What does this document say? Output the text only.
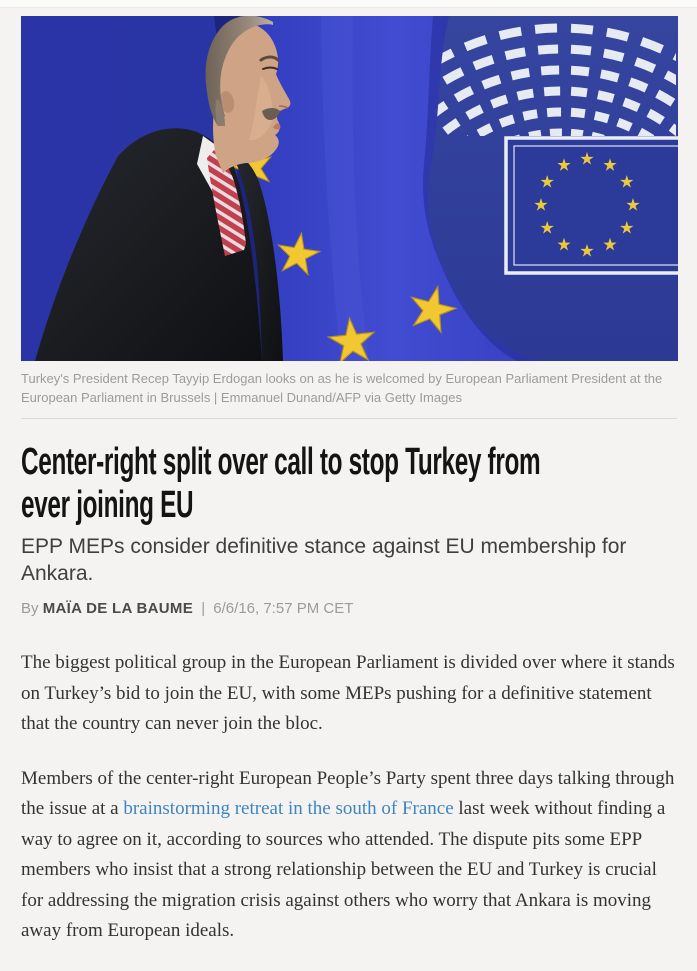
Turkey's President Recep Tayyip Erdogan looks on as he is welcomed by European Parliament President at the European Parliament in Brussels | Emmanuel Dunand/AFP via Getty Images
Center-right split over call to stop Turkey from
ever joining EU
EPP MEPs consider definitive stance against EU membership for
Ankara.
By MAÏA DE LA BAUME | 6/6/16, 7:57 PM CET

The biggest political group in the European Parliament is divided over where it stands on Turkey’s bid to join the EU, with some MEPs pushing for a definitive statement that the country can never join the bloc.

Members of the center-right European People’s Party spent three days talking through the issue at a brainstorming retreat in the south of France last week without finding a way to agree on it, according to sources who attended. The dispute pits some EPP members who insist that a strong relationship between the EU and Turkey is crucial for addressing the migration crisis against others who worry that Ankara is moving away from European ideals.
